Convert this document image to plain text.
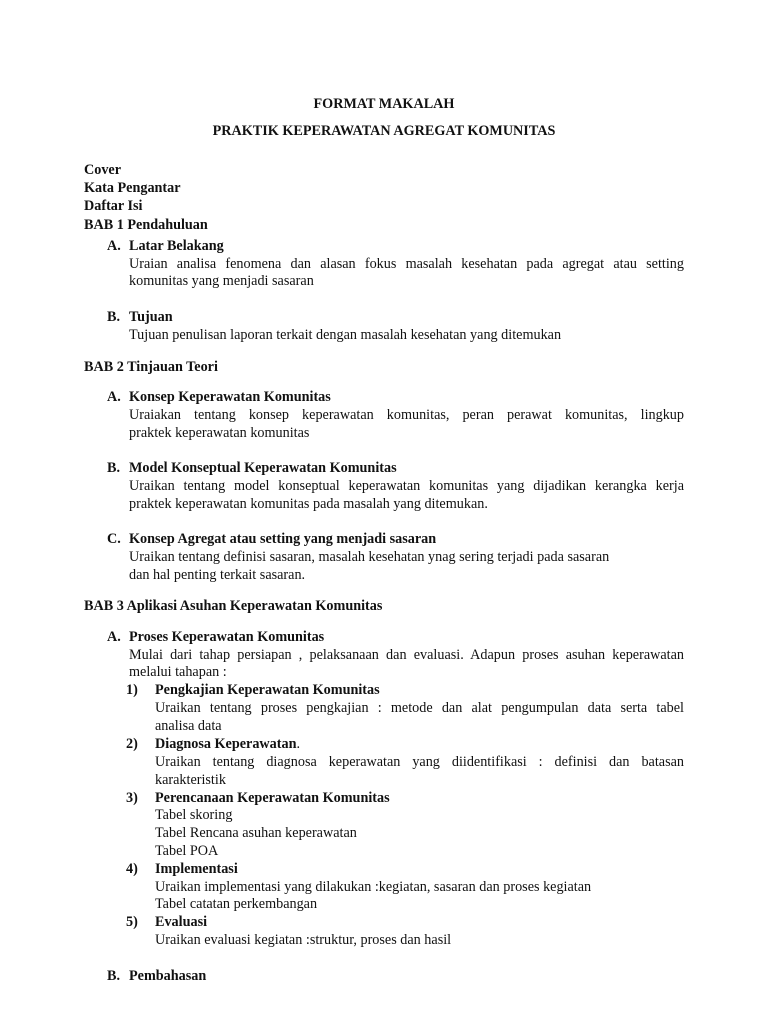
FORMAT MAKALAH
PRAKTIK KEPERAWATAN AGREGAT KOMUNITAS
Cover
Kata Pengantar
Daftar Isi
BAB 1 Pendahuluan
A. Latar Belakang
Uraian analisa fenomena dan alasan fokus masalah kesehatan pada agregat atau setting
komunitas yang menjadi sasaran
B. Tujuan
Tujuan penulisan laporan terkait dengan masalah kesehatan yang ditemukan
BAB 2 Tinjauan Teori
A. Konsep Keperawatan Komunitas
Uraiakan tentang konsep keperawatan komunitas, peran perawat komunitas, lingkup
praktek keperawatan komunitas
B. Model Konseptual Keperawatan Komunitas
Uraikan tentang model konseptual keperawatan komunitas yang dijadikan kerangka kerja
praktek keperawatan komunitas pada masalah yang ditemukan.
C. Konsep Agregat atau setting yang menjadi sasaran
Uraikan tentang definisi sasaran, masalah kesehatan ynag sering terjadi pada sasaran
dan hal penting terkait sasaran.
BAB 3 Aplikasi Asuhan Keperawatan Komunitas
A. Proses Keperawatan Komunitas
Mulai dari tahap persiapan , pelaksanaan dan evaluasi. Adapun proses asuhan keperawatan
melalui tahapan :
1) Pengkajian Keperawatan Komunitas
Uraikan tentang proses pengkajian : metode dan alat pengumpulan data serta tabel
analisa data
2) Diagnosa Keperawatan.
Uraikan tentang diagnosa keperawatan yang diidentifikasi : definisi dan batasan
karakteristik
3) Perencanaan Keperawatan Komunitas
Tabel skoring
Tabel Rencana asuhan keperawatan
Tabel POA
4) Implementasi
Uraikan implementasi yang dilakukan :kegiatan, sasaran dan proses kegiatan
Tabel catatan perkembangan
5) Evaluasi
Uraikan evaluasi kegiatan :struktur, proses dan hasil
B. Pembahasan
